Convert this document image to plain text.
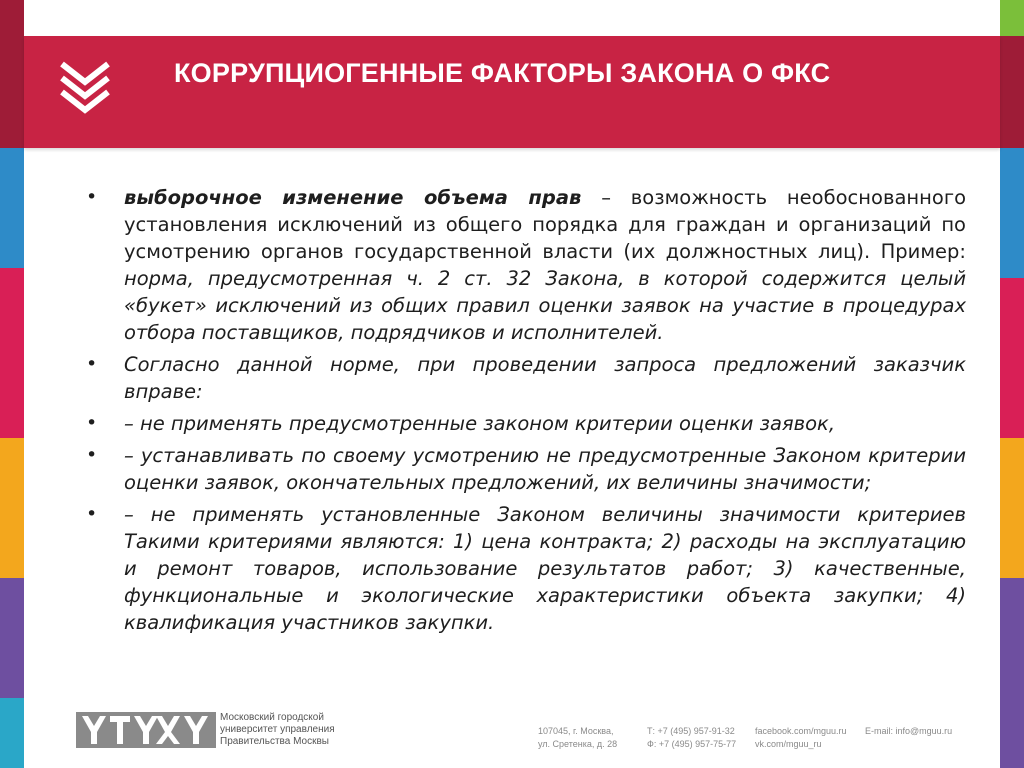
КОРРУПЦИОГЕННЫЕ ФАКТОРЫ ЗАКОНА О ФКС
• выборочное изменение объема прав – возможность необоснованного установления исключений из общего порядка для граждан и организаций по усмотрению органов государственной власти (их должностных лиц). Пример: норма, предусмотренная ч. 2 ст. 32 Закона, в которой содержится целый «букет» исключений из общих правил оценки заявок на участие в процедурах отбора поставщиков, подрядчиков и исполнителей.
• Согласно данной норме, при проведении запроса предложений заказчик вправе:
• – не применять предусмотренные законом критерии оценки заявок,
• – устанавливать по своему усмотрению не предусмотренные Законом критерии оценки заявок, окончательных предложений, их величины значимости;
• – не применять установленные Законом величины значимости критериев Такими критериями являются: 1) цена контракта; 2) расходы на эксплуатацию и ремонт товаров, использование результатов работ; 3) качественные, функциональные и экологические характеристики объекта закупки; 4) квалификация участников закупки.
Московский городской
университет управления
Правительства Москвы
107045, г. Москва,
ул. Сретенка, д. 28
Т: +7 (495) 957-91-32
Ф: +7 (495) 957-75-77
facebook.com/mguu.ru
vk.com/mguu_ru
E-mail: info@mguu.ru
